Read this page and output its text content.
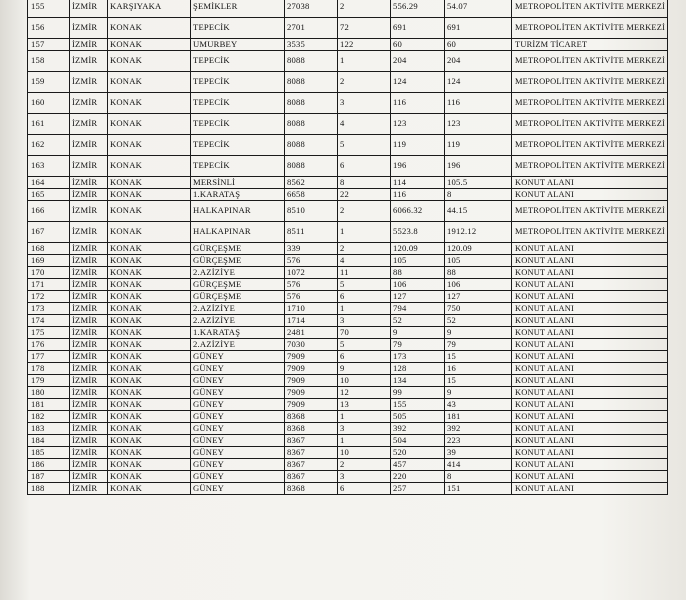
155	İZMİR	KARŞIYAKA	ŞEMİKLER	27038	2	556.29	54.07	METROPOLİTEN AKTİVİTE MERKEZİ
156	İZMİR	KONAK	TEPECİK	2701	72	691	691	METROPOLİTEN AKTİVİTE MERKEZİ
157	İZMİR	KONAK	UMURBEY	3535	122	60	60	TURİZM TİCARET
158	İZMİR	KONAK	TEPECİK	8088	1	204	204	METROPOLİTEN AKTİVİTE MERKEZİ
159	İZMİR	KONAK	TEPECİK	8088	2	124	124	METROPOLİTEN AKTİVİTE MERKEZİ
160	İZMİR	KONAK	TEPECİK	8088	3	116	116	METROPOLİTEN AKTİVİTE MERKEZİ
161	İZMİR	KONAK	TEPECİK	8088	4	123	123	METROPOLİTEN AKTİVİTE MERKEZİ
162	İZMİR	KONAK	TEPECİK	8088	5	119	119	METROPOLİTEN AKTİVİTE MERKEZİ
163	İZMİR	KONAK	TEPECİK	8088	6	196	196	METROPOLİTEN AKTİVİTE MERKEZİ
164	İZMİR	KONAK	MERSİNLİ	8562	8	114	105.5	KONUT ALANI
165	İZMİR	KONAK	1.KARATAŞ	6658	22	116	8	KONUT ALANI
166	İZMİR	KONAK	HALKAPINAR	8510	2	6066.32	44.15	METROPOLİTEN AKTİVİTE MERKEZİ
167	İZMİR	KONAK	HALKAPINAR	8511	1	5523.8	1912.12	METROPOLİTEN AKTİVİTE MERKEZİ
168	İZMİR	KONAK	GÜRÇEŞME	339	2	120.09	120.09	KONUT ALANI
169	İZMİR	KONAK	GÜRÇEŞME	576	4	105	105	KONUT ALANI
170	İZMİR	KONAK	2.AZİZİYE	1072	11	88	88	KONUT ALANI
171	İZMİR	KONAK	GÜRÇEŞME	576	5	106	106	KONUT ALANI
172	İZMİR	KONAK	GÜRÇEŞME	576	6	127	127	KONUT ALANI
173	İZMİR	KONAK	2.AZİZİYE	1710	1	794	750	KONUT ALANI
174	İZMİR	KONAK	2.AZİZİYE	1714	3	52	52	KONUT ALANI
175	İZMİR	KONAK	1.KARATAŞ	2481	70	9	9	KONUT ALANI
176	İZMİR	KONAK	2.AZİZİYE	7030	5	79	79	KONUT ALANI
177	İZMİR	KONAK	GÜNEY	7909	6	173	15	KONUT ALANI
178	İZMİR	KONAK	GÜNEY	7909	9	128	16	KONUT ALANI
179	İZMİR	KONAK	GÜNEY	7909	10	134	15	KONUT ALANI
180	İZMİR	KONAK	GÜNEY	7909	12	99	9	KONUT ALANI
181	İZMİR	KONAK	GÜNEY	7909	13	155	43	KONUT ALANI
182	İZMİR	KONAK	GÜNEY	8368	1	505	181	KONUT ALANI
183	İZMİR	KONAK	GÜNEY	8368	3	392	392	KONUT ALANI
184	İZMİR	KONAK	GÜNEY	8367	1	504	223	KONUT ALANI
185	İZMİR	KONAK	GÜNEY	8367	10	520	39	KONUT ALANI
186	İZMİR	KONAK	GÜNEY	8367	2	457	414	KONUT ALANI
187	İZMİR	KONAK	GÜNEY	8367	3	220	8	KONUT ALANI
188	İZMİR	KONAK	GÜNEY	8368	6	257	151	KONUT ALANI
